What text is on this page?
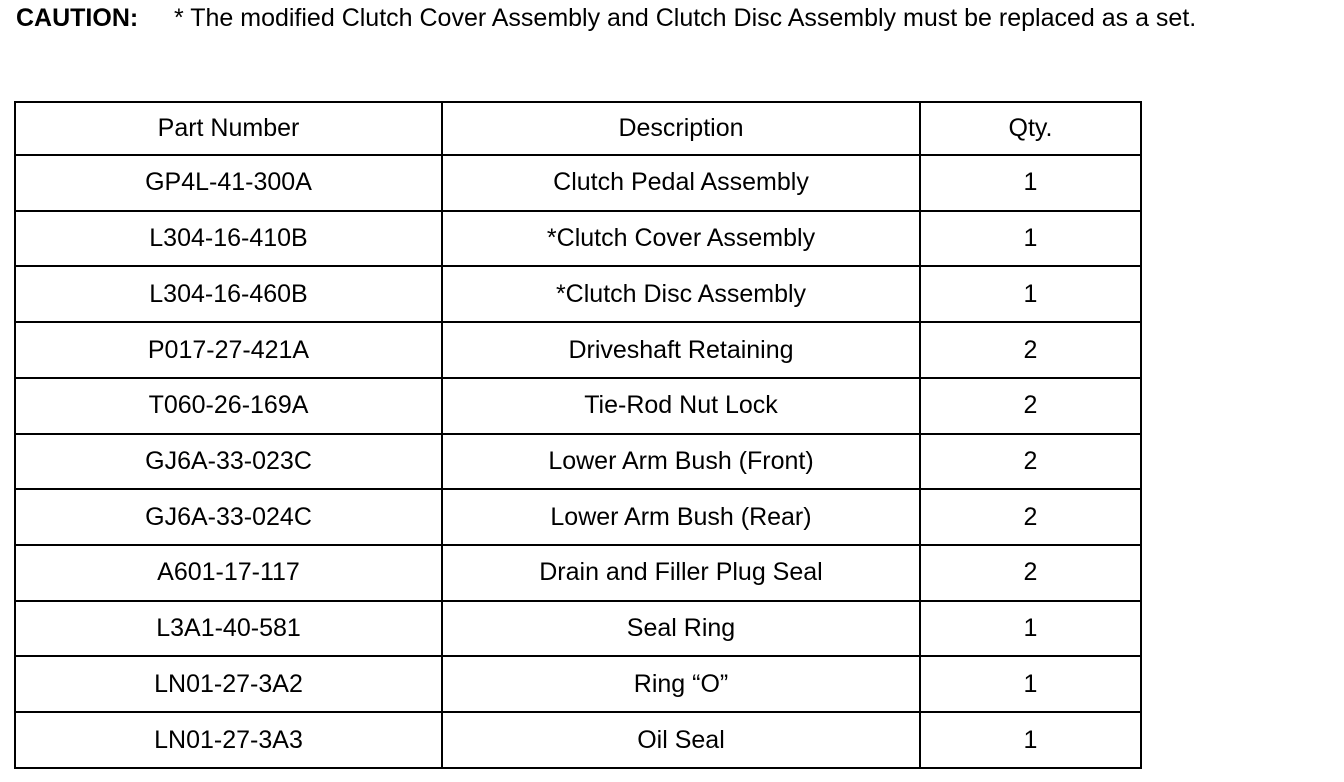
CAUTION: * The modified Clutch Cover Assembly and Clutch Disc Assembly must be replaced as a set.
Part Number	Description	Qty.
GP4L-41-300A	Clutch Pedal Assembly	1
L304-16-410B	*Clutch Cover Assembly	1
L304-16-460B	*Clutch Disc Assembly	1
P017-27-421A	Driveshaft Retaining	2
T060-26-169A	Tie-Rod Nut Lock	2
GJ6A-33-023C	Lower Arm Bush (Front)	2
GJ6A-33-024C	Lower Arm Bush (Rear)	2
A601-17-117	Drain and Filler Plug Seal	2
L3A1-40-581	Seal Ring	1
LN01-27-3A2	Ring “O”	1
LN01-27-3A3	Oil Seal	1
